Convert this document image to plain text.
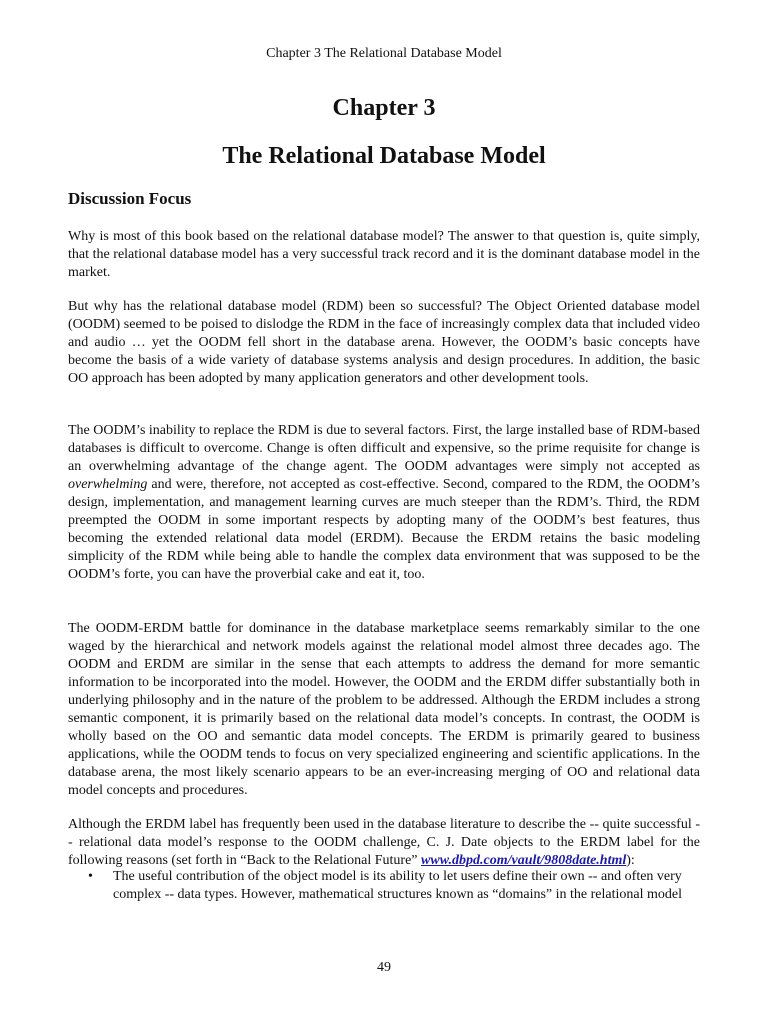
Chapter 3 The Relational Database Model
Chapter 3
The Relational Database Model
Discussion Focus

Why is most of this book based on the relational database model? The answer to that question is, quite simply, that the relational database model has a very successful track record and it is the dominant database model in the market.

But why has the relational database model (RDM) been so successful? The Object Oriented database model (OODM) seemed to be poised to dislodge the RDM in the face of increasingly complex data that included video and audio … yet the OODM fell short in the database arena. However, the OODM’s basic concepts have become the basis of a wide variety of database systems analysis and design procedures. In addition, the basic OO approach has been adopted by many application generators and other development tools.

The OODM’s inability to replace the RDM is due to several factors. First, the large installed base of RDM-based databases is difficult to overcome. Change is often difficult and expensive, so the prime requisite for change is an overwhelming advantage of the change agent. The OODM advantages were simply not accepted as overwhelming and were, therefore, not accepted as cost-effective. Second, compared to the RDM, the OODM’s design, implementation, and management learning curves are much steeper than the RDM’s. Third, the RDM preempted the OODM in some important respects by adopting many of the OODM’s best features, thus becoming the extended relational data model (ERDM). Because the ERDM retains the basic modeling simplicity of the RDM while being able to handle the complex data environment that was supposed to be the OODM’s forte, you can have the proverbial cake and eat it, too.

The OODM-ERDM battle for dominance in the database marketplace seems remarkably similar to the one waged by the hierarchical and network models against the relational model almost three decades ago. The OODM and ERDM are similar in the sense that each attempts to address the demand for more semantic information to be incorporated into the model. However, the OODM and the ERDM differ substantially both in underlying philosophy and in the nature of the problem to be addressed. Although the ERDM includes a strong semantic component, it is primarily based on the relational data model’s concepts. In contrast, the OODM is wholly based on the OO and semantic data model concepts. The ERDM is primarily geared to business applications, while the OODM tends to focus on very specialized engineering and scientific applications. In the database arena, the most likely scenario appears to be an ever-increasing merging of OO and relational data model concepts and procedures.

Although the ERDM label has frequently been used in the database literature to describe the -- quite successful -- relational data model’s response to the OODM challenge, C. J. Date objects to the ERDM label for the following reasons (set forth in “Back to the Relational Future” www.dbpd.com/vault/9808date.html):

• The useful contribution of the object model is its ability to let users define their own -- and often very complex -- data types. However, mathematical structures known as “domains” in the relational model
49
